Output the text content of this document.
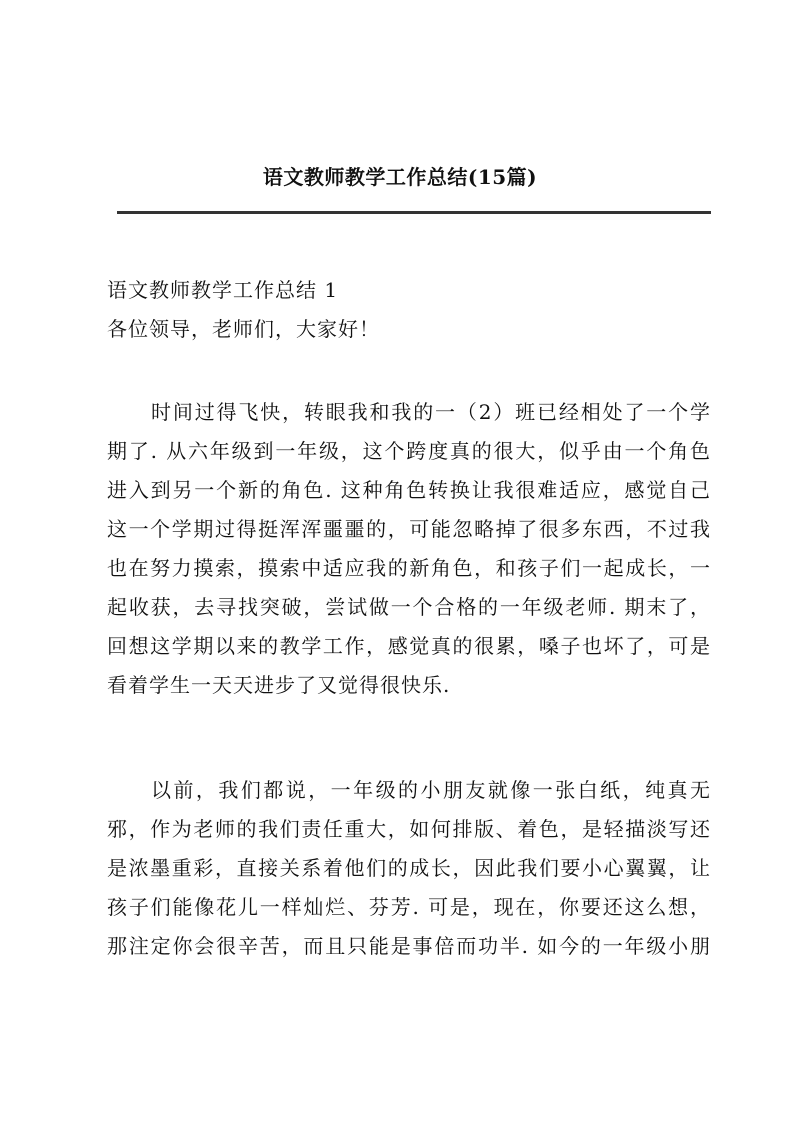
语文教师教学工作总结(15篇)
语文教师教学工作总结 1
各位领导，老师们，大家好！
时间过得飞快，转眼我和我的一（2）班已经相处了一个学
期了. 从六年级到一年级，这个跨度真的很大，似乎由一个角色
进入到另一个新的角色. 这种角色转换让我很难适应，感觉自己
这一个学期过得挺浑浑噩噩的，可能忽略掉了很多东西，不过我
也在努力摸索，摸索中适应我的新角色，和孩子们一起成长，一
起收获，去寻找突破，尝试做一个合格的一年级老师. 期末了，
回想这学期以来的教学工作，感觉真的很累，嗓子也坏了，可是
看着学生一天天进步了又觉得很快乐.
以前，我们都说，一年级的小朋友就像一张白纸，纯真无
邪，作为老师的我们责任重大，如何排版、着色，是轻描淡写还
是浓墨重彩，直接关系着他们的成长，因此我们要小心翼翼，让
孩子们能像花儿一样灿烂、芬芳. 可是，现在，你要还这么想，
那注定你会很辛苦，而且只能是事倍而功半. 如今的一年级小朋
